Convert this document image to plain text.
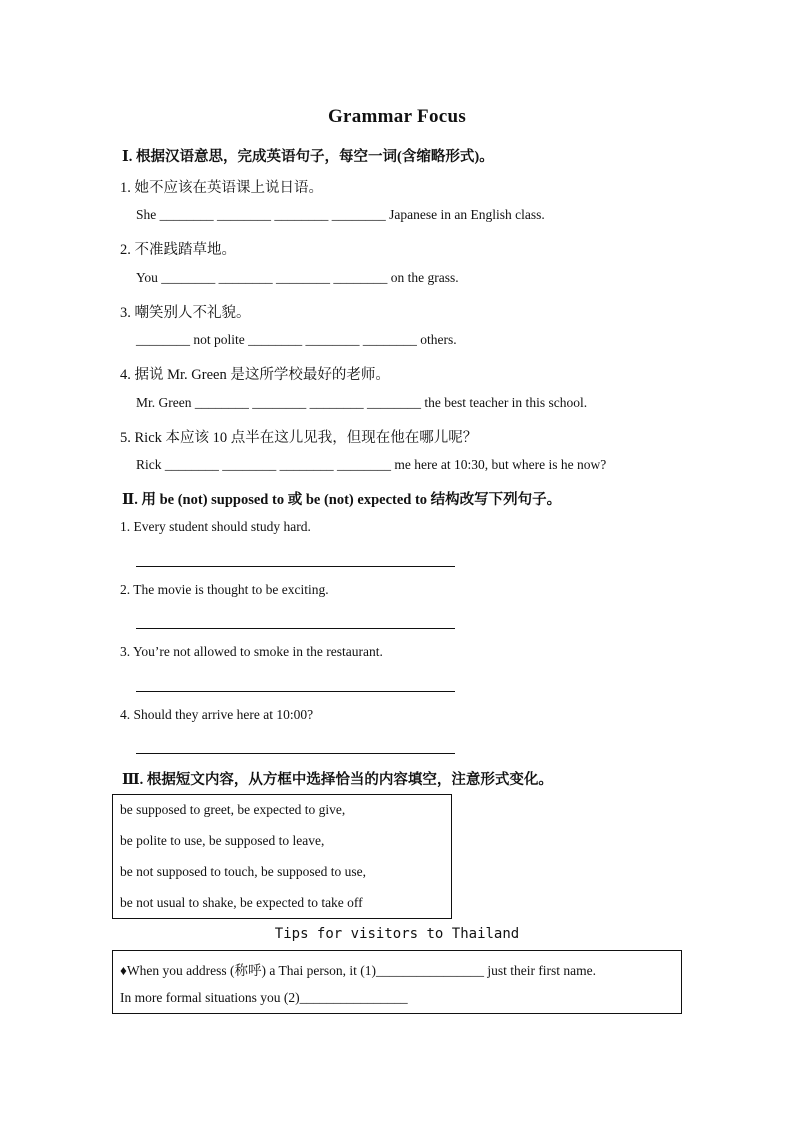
Grammar Focus
Ⅰ. 根据汉语意思，完成英语句子，每空一词(含缩略形式)。
1. 她不应该在英语课上说日语。
She ________ ________ ________ ________ Japanese in an English class.
2. 不准践踏草地。
You ________ ________ ________ ________ on the grass.
3. 嘲笑别人不礼貌。
________ not polite ________ ________ ________ others.
4. 据说 Mr. Green 是这所学校最好的老师。
Mr. Green ________ ________ ________ ________ the best teacher in this school.
5. Rick 本应该 10 点半在这儿见我，但现在他在哪儿呢？
Rick ________ ________ ________ ________ me here at 10:30, but where is he now?
Ⅱ. 用 be (not) supposed to 或 be (not) expected to 结构改写下列句子。
1. Every student should study hard.
2. The movie is thought to be exciting.
3. You’re not allowed to smoke in the restaurant.
4. Should they arrive here at 10:00?
Ⅲ. 根据短文内容，从方框中选择恰当的内容填空，注意形式变化。
be supposed to greet, be expected to give,
be polite to use, be supposed to leave,
be not supposed to touch, be supposed to use,
be not usual to shake, be expected to take off
Tips for visitors to Thailand
♦When you address (称呼) a Thai person, it (1)________________ just their first name.
In more formal situations you (2)________________
